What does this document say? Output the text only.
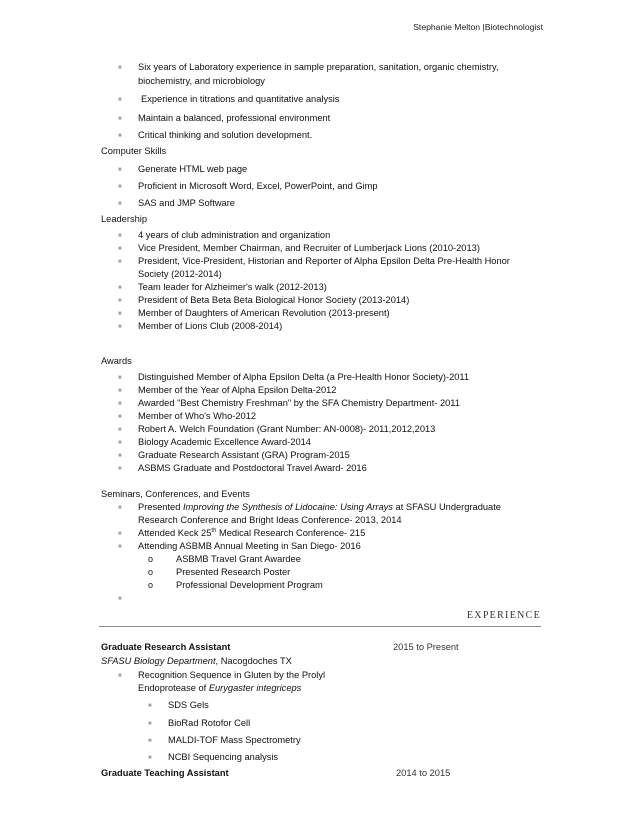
Stephanie Melton |Biotechnologist
■ Six years of Laboratory experience in sample preparation, sanitation, organic chemistry,
biochemistry, and microbiology
■ Experience in titrations and quantitative analysis
■ Maintain a balanced, professional environment
■ Critical thinking and solution development.
Computer Skills
■ Generate HTML web page
■ Proficient in Microsoft Word, Excel, PowerPoint, and Gimp
■ SAS and JMP Software
Leadership
■ 4 years of club administration and organization
■ Vice President, Member Chairman, and Recruiter of Lumberjack Lions (2010-2013)
■ President, Vice-President, Historian and Reporter of Alpha Epsilon Delta Pre-Health Honor
Society (2012-2014)
■ Team leader for Alzheimer's walk (2012-2013)
■ President of Beta Beta Beta Biological Honor Society (2013-2014)
■ Member of Daughters of American Revolution (2013-present)
■ Member of Lions Club (2008-2014)
Awards
■ Distinguished Member of Alpha Epsilon Delta (a Pre-Health Honor Society)-2011
■ Member of the Year of Alpha Epsilon Delta-2012
■ Awarded "Best Chemistry Freshman" by the SFA Chemistry Department- 2011
■ Member of Who's Who-2012
■ Robert A. Welch Foundation (Grant Number: AN-0008)- 2011,2012,2013
■ Biology Academic Excellence Award-2014
■ Graduate Research Assistant (GRA) Program-2015
■ ASBMS Graduate and Postdoctoral Travel Award- 2016
Seminars, Conferences, and Events
■ Presented Improving the Synthesis of Lidocaine: Using Arrays at SFASU Undergraduate
Research Conference and Bright Ideas Conference- 2013, 2014
■ Attended Keck 25th Medical Research Conference- 215
■ Attending ASBMB Annual Meeting in San Diego- 2016
o ASBMB Travel Grant Awardee
o Presented Research Poster
o Professional Development Program
■
EXPERIENCE
Graduate Research Assistant	2015 to Present
SFASU Biology Department, Nacogdoches TX
■ Recognition Sequence in Gluten by the Prolyl
Endoprotease of Eurygaster integriceps
■ SDS Gels
■ BioRad Rotofor Cell
■ MALDI-TOF Mass Spectrometry
■ NCBI Sequencing analysis
Graduate Teaching Assistant	2014 to 2015
